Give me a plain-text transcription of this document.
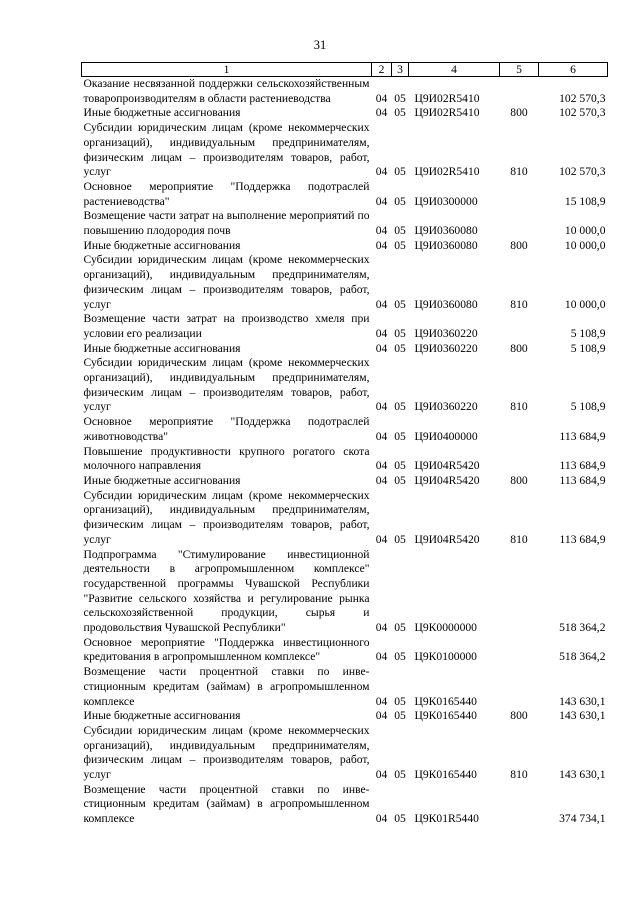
31
1	2	3	4	5	6
Оказание несвязанной поддержки сельскохозяйственным товаропроизводителям в области растениеводства	04	05	Ц9И02R5410		102 570,3
Иные бюджетные ассигнования	04	05	Ц9И02R5410	800	102 570,3
Субсидии юридическим лицам (кроме некоммерческих организаций), индивидуальным предпринимателям, физическим лицам – производителям товаров, работ, услуг	04	05	Ц9И02R5410	810	102 570,3
Основное мероприятие "Поддержка подотраслей растениеводства"	04	05	Ц9И0300000		15 108,9
Возмещение части затрат на выполнение мероприятий по повышению плодородия почв	04	05	Ц9И0360080		10 000,0
Иные бюджетные ассигнования	04	05	Ц9И0360080	800	10 000,0
Субсидии юридическим лицам (кроме некоммерческих организаций), индивидуальным предпринимателям, физическим лицам – производителям товаров, работ, услуг	04	05	Ц9И0360080	810	10 000,0
Возмещение части затрат на производство хмеля при условии его реализации	04	05	Ц9И0360220		5 108,9
Иные бюджетные ассигнования	04	05	Ц9И0360220	800	5 108,9
Субсидии юридическим лицам (кроме некоммерческих организаций), индивидуальным предпринимателям, физическим лицам – производителям товаров, работ, услуг	04	05	Ц9И0360220	810	5 108,9
Основное мероприятие "Поддержка подотраслей животноводства"	04	05	Ц9И0400000		113 684,9
Повышение продуктивности крупного рогатого скота молочного направления	04	05	Ц9И04R5420		113 684,9
Иные бюджетные ассигнования	04	05	Ц9И04R5420	800	113 684,9
Субсидии юридическим лицам (кроме некоммерческих организаций), индивидуальным предпринимателям, физическим лицам – производителям товаров, работ, услуг	04	05	Ц9И04R5420	810	113 684,9
Подпрограмма "Стимулирование инвестиционной деятельности в агропромышленном комплексе" государственной программы Чувашской Республики "Развитие сельского хозяйства и регулирование рынка сельскохозяйственной продукции, сырья и продовольствия Чувашской Республики"	04	05	Ц9К0000000		518 364,2
Основное мероприятие "Поддержка инвестиционного кредитования в агропромышленном комплексе"	04	05	Ц9К0100000		518 364,2
Возмещение части процентной ставки по инвестиционным кредитам (займам) в агропромышленном комплексе	04	05	Ц9К0165440		143 630,1
Иные бюджетные ассигнования	04	05	Ц9К0165440	800	143 630,1
Субсидии юридическим лицам (кроме некоммерческих организаций), индивидуальным предпринимателям, физическим лицам – производителям товаров, работ, услуг	04	05	Ц9К0165440	810	143 630,1
Возмещение части процентной ставки по инвестиционным кредитам (займам) в агропромышленном комплексе	04	05	Ц9К01R5440		374 734,1
